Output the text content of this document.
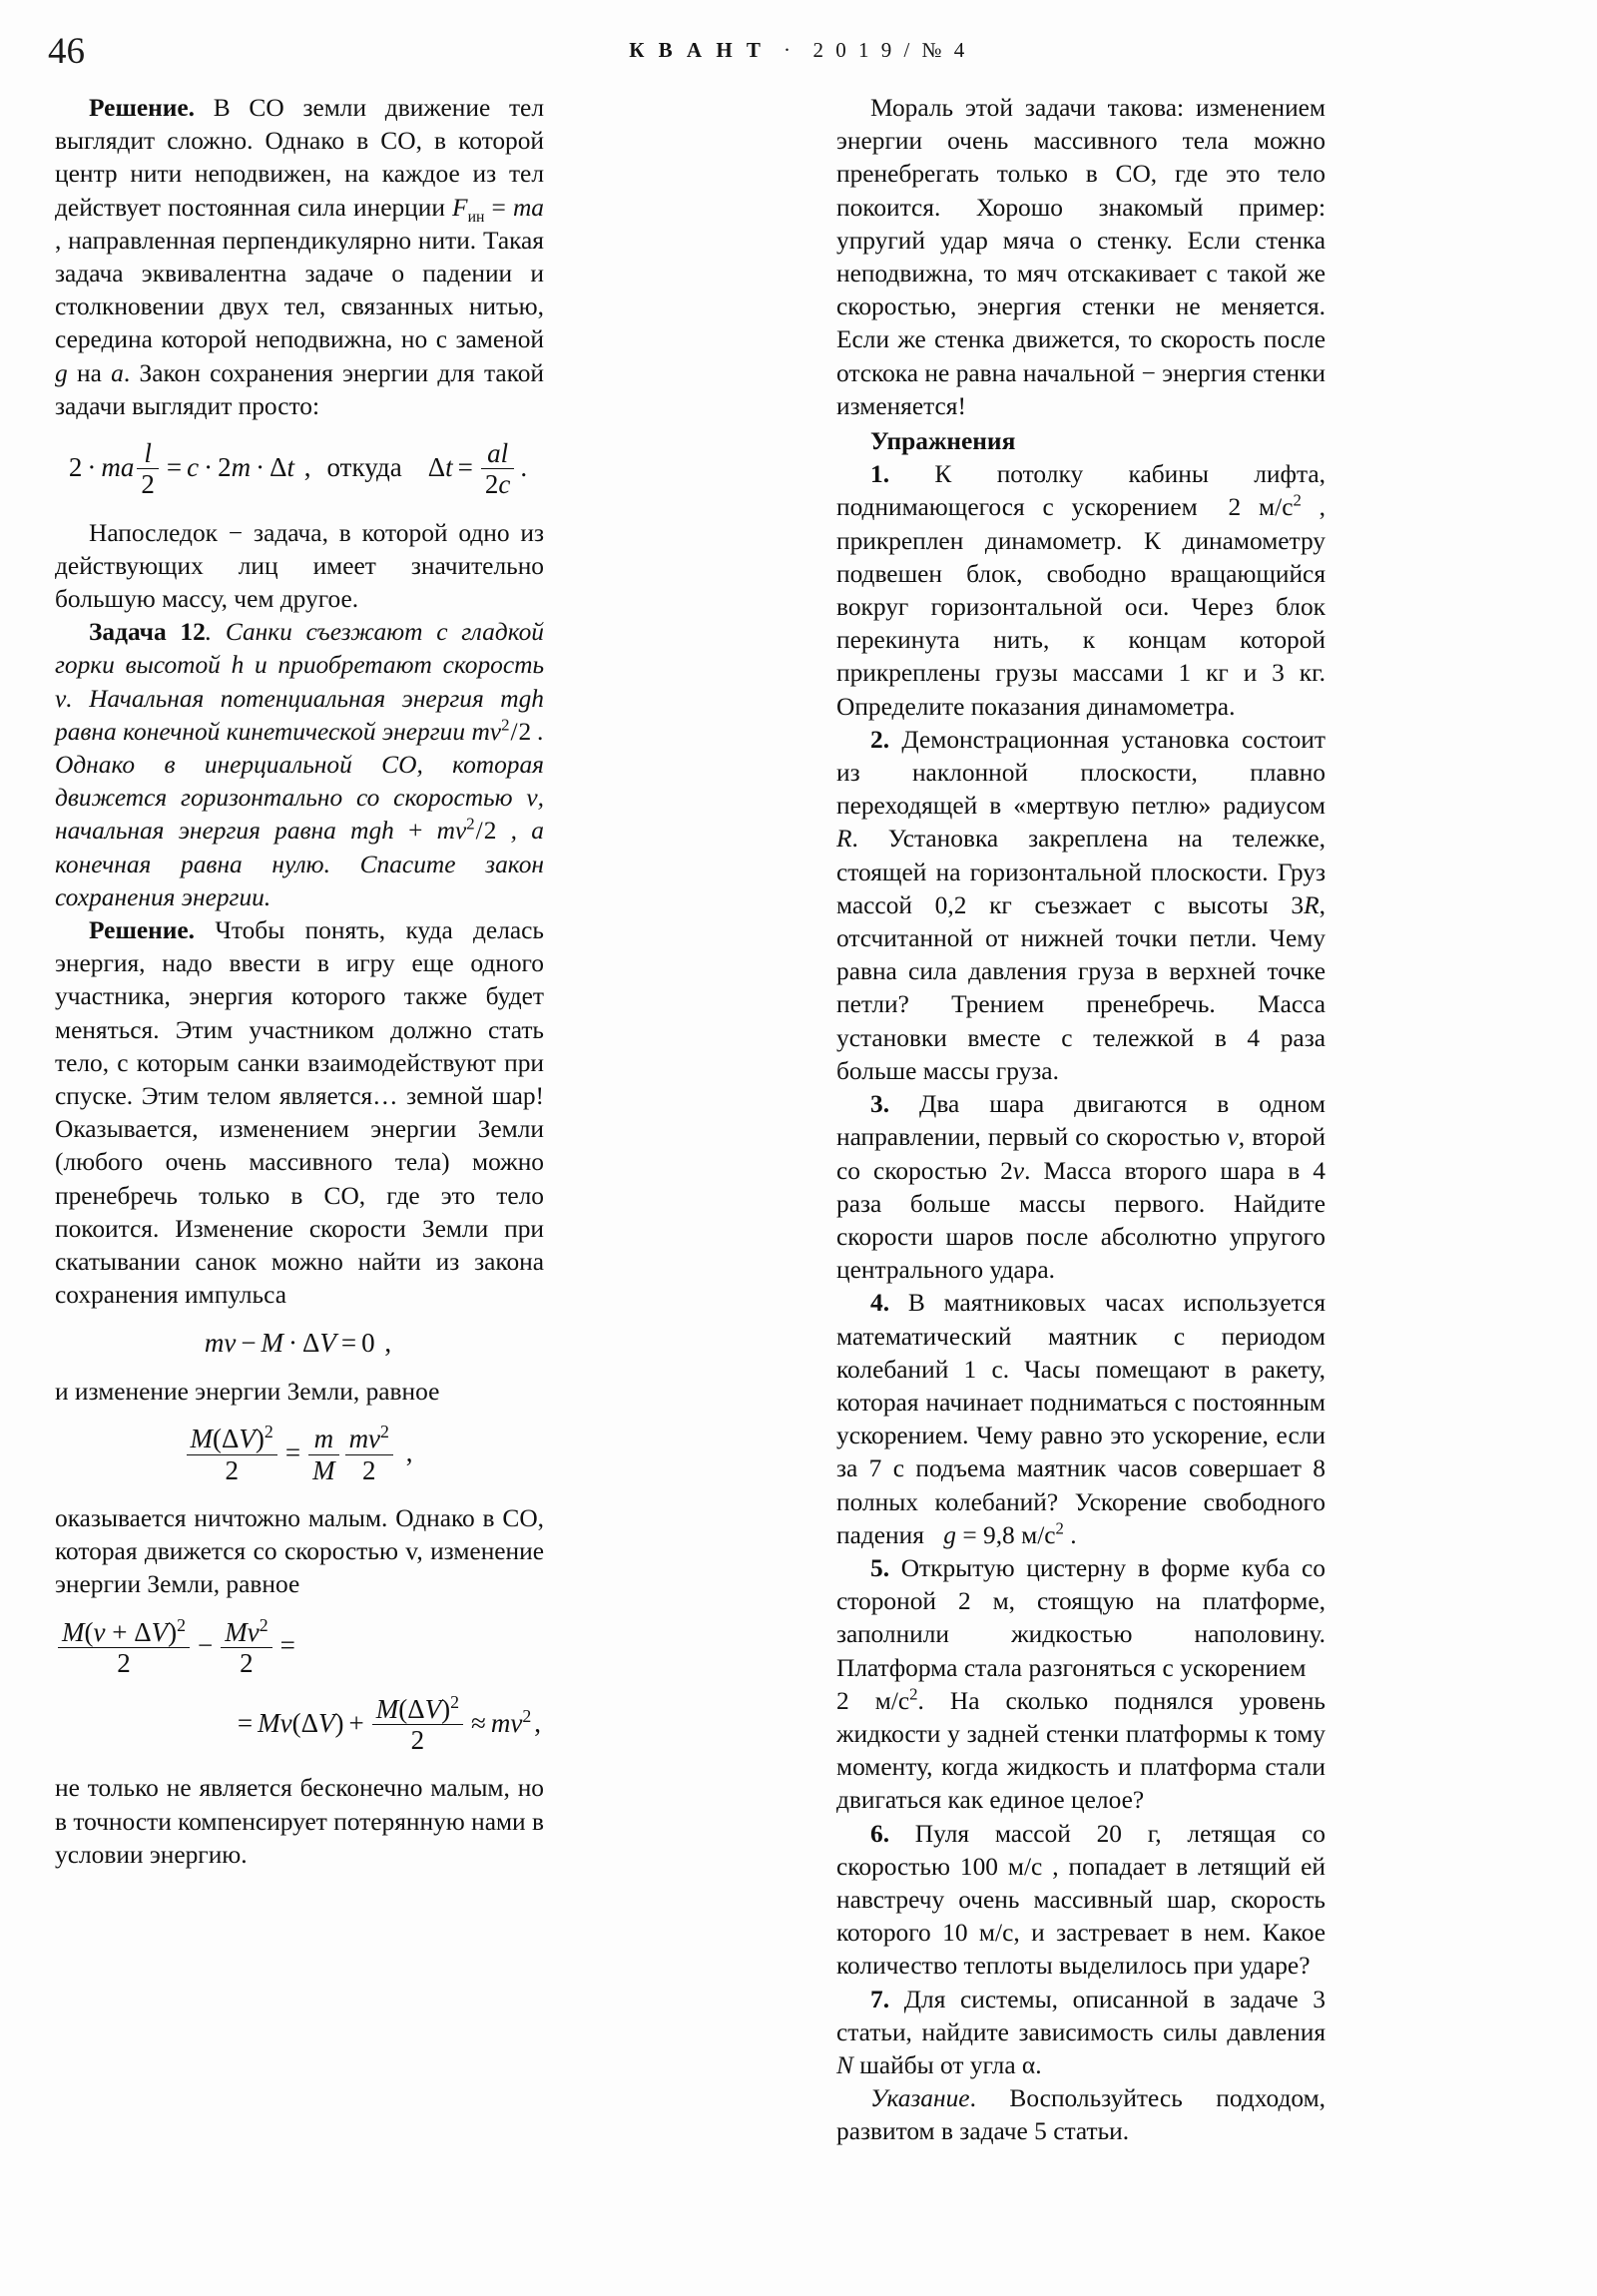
46	К В А Н Т · 2 0 1 9 / № 4

Решение. В СО земли движение тел выглядит сложно. Однако в СО, в которой центр нити неподвижен, на каждое из тел действует постоянная сила инерции $F_{ин}$ = ma , направленная перпендикулярно нити. Такая задача эквивалентна задаче о падении и столкновении двух тел, связанных нитью, середина которой неподвижна, но с заменой g на a. Закон сохранения энергии для такой задачи выглядит просто:

2 · ma $\frac{l}{2} = c \cdot 2m \cdot \Delta t$ , откуда $\Delta t = \frac{al}{2c}$ .

Напоследок − задача, в которой одно из действующих лиц имеет значительно большую массу, чем другое.

Задача 12. Санки съезжают с гладкой горки высотой h и приобретают скорость v. Начальная потенциальная энергия mgh равна конечной кинетической энергии $mv^2/2$ . Однако в инерциальной СО, которая движется горизонтально со скоростью v, начальная энергия равна mgh + $mv^2/2$ , а конечная равна нулю. Спасите закон сохранения энергии.

Решение. Чтобы понять, куда делась энергия, надо ввести в игру еще одного участника, энергия которого также будет меняться. Этим участником должно стать тело, с которым санки взаимодействуют при спуске. Этим телом является… земной шар! Оказывается, изменением энергии Земли (любого очень массивного тела) можно пренебречь только в СО, где это тело покоится. Изменение скорости Земли при скатывании санок можно найти из закона сохранения импульса

mv − M · ΔV = 0 ,

и изменение энергии Земли, равное

$\frac{M(\Delta V)^2}{2} = \frac{m}{M} \frac{mv^2}{2}$ ,

оказывается ничтожно малым. Однако в СО, которая движется со скоростью v, изменение энергии Земли, равное

$\frac{M(v + \Delta V)^2}{2} - \frac{Mv^2}{2}$ =

= $Mv(\Delta V) + \frac{M(\Delta V)^2}{2} \approx mv^2$ ,

не только не является бесконечно малым, но в точности компенсирует потерянную нами в условии энергию.

Мораль этой задачи такова: изменением энергии очень массивного тела можно пренебрегать только в СО, где это тело покоится. Хорошо знакомый пример: упругий удар мяча о стенку. Если стенка неподвижна, то мяч отскакивает с такой же скоростью, энергия стенки не меняется. Если же стенка движется, то скорость после отскока не равна начальной − энергия стенки изменяется!

Упражнения

1. К потолку кабины лифта, поднимающегося с ускорением 2 $м/с^2$ , прикреплен динамометр. К динамометру подвешен блок, свободно вращающийся вокруг горизонтальной оси. Через блок перекинута нить, к концам которой прикреплены грузы массами 1 кг и 3 кг. Определите показания динамометра.

2. Демонстрационная установка состоит из наклонной плоскости, плавно переходящей в «мертвую петлю» радиусом R. Установка закреплена на тележке, стоящей на горизонтальной плоскости. Груз массой 0,2 кг съезжает с высоты 3R, отсчитанной от нижней точки петли. Чему равна сила давления груза в верхней точке петли? Трением пренебречь. Масса установки вместе с тележкой в 4 раза больше массы груза.

3. Два шара двигаются в одном направлении, первый со скоростью v, второй со скоростью 2v. Масса второго шара в 4 раза больше массы первого. Найдите скорости шаров после абсолютно упругого центрального удара.

4. В маятниковых часах используется математический маятник с периодом колебаний 1 с. Часы помещают в ракету, которая начинает подниматься с постоянным ускорением. Чему равно это ускорение, если за 7 с подъема маятник часов совершает 8 полных колебаний? Ускорение свободного падения g = 9,8 $м/с^2$ .

5. Открытую цистерну в форме куба со стороной 2 м, стоящую на платформе, заполнили жидкостью наполовину. Платформа стала разгоняться с ускорением 2 $м/с^2$. На сколько поднялся уровень жидкости у задней стенки платформы к тому моменту, когда жидкость и платформа стали двигаться как единое целое?

6. Пуля массой 20 г, летящая со скоростью 100 м/с , попадает в летящий ей навстречу очень массивный шар, скорость которого 10 м/с, и застревает в нем. Какое количество теплоты выделилось при ударе?

7. Для системы, описанной в задаче 3 статьи, найдите зависимость силы давления N шайбы от угла α.

Указание. Воспользуйтесь подходом, развитом в задаче 5 статьи.
